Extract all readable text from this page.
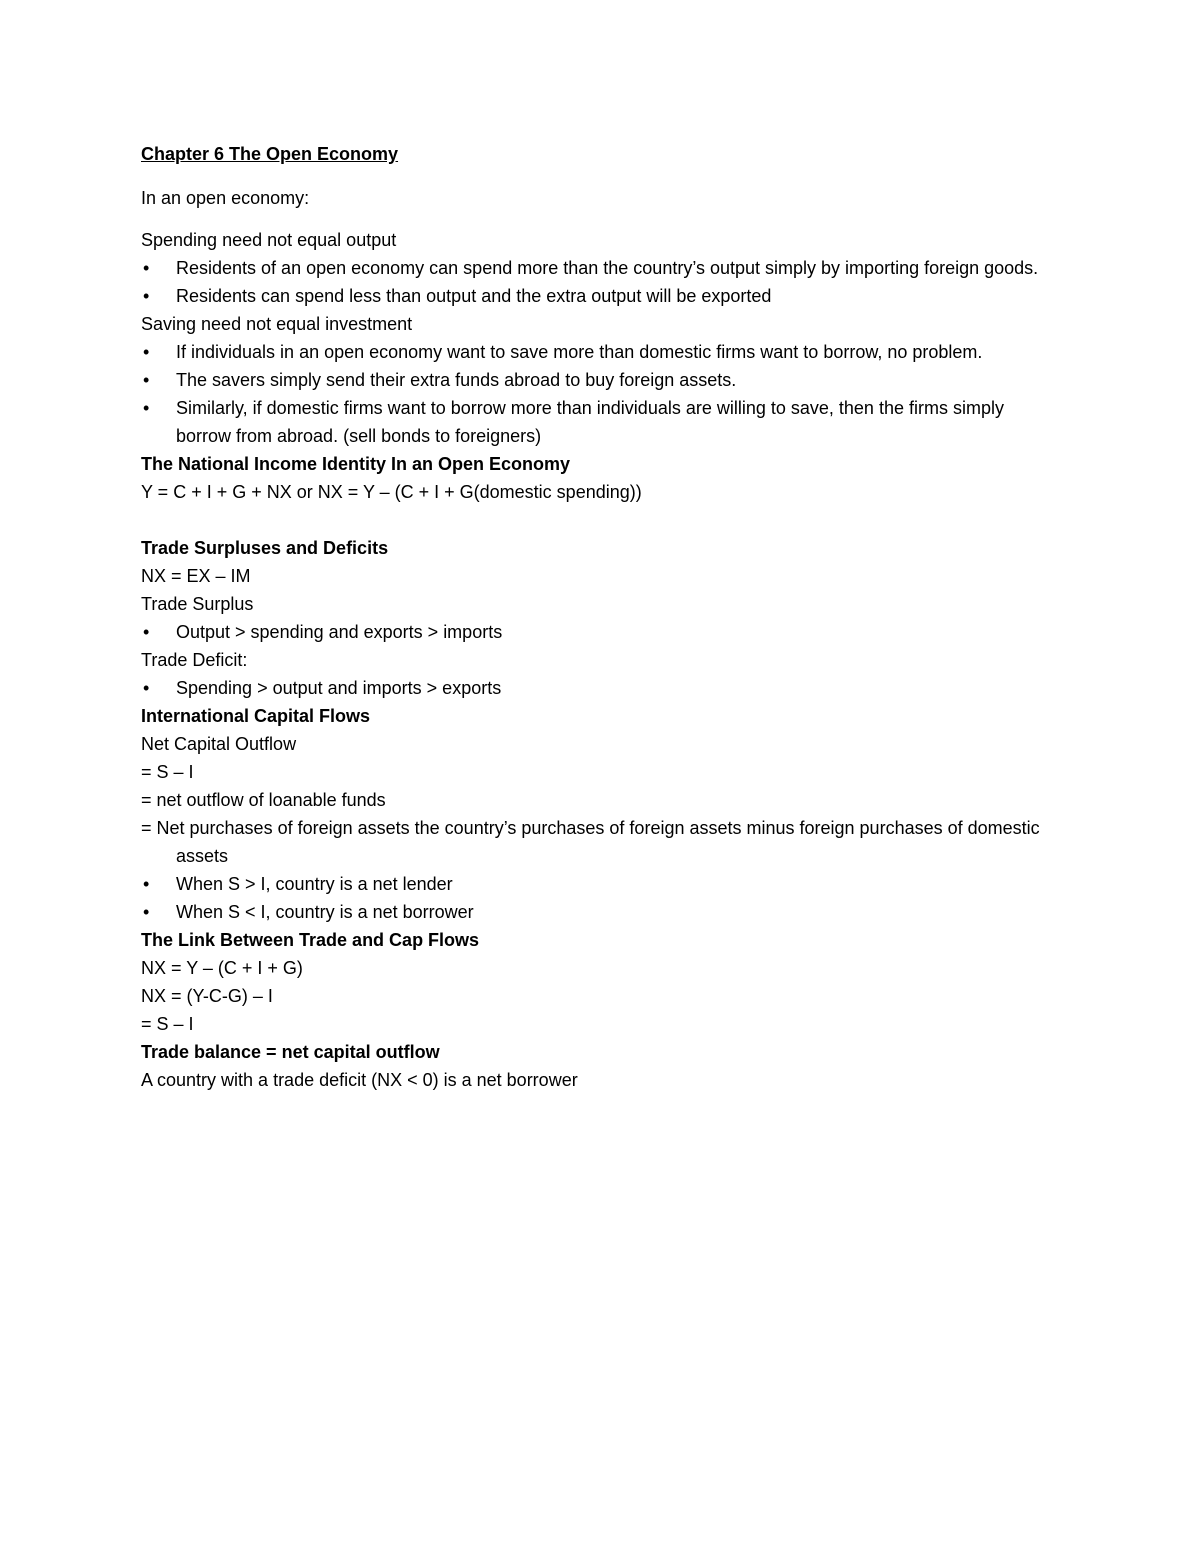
Chapter 6 The Open Economy

In an open economy:

Spending need not equal output

• Residents of an open economy can spend more than the country’s output simply by importing foreign goods.
• Residents can spend less than output and the extra output will be exported

Saving need not equal investment

• If individuals in an open economy want to save more than domestic firms want to borrow, no problem.
• The savers simply send their extra funds abroad to buy foreign assets.
• Similarly, if domestic firms want to borrow more than individuals are willing to save, then the firms simply borrow from abroad. (sell bonds to foreigners)

The National Income Identity In an Open Economy

Y = C + I + G + NX or NX = Y – (C + I + G(domestic spending))

Trade Surpluses and Deficits

NX = EX – IM

Trade Surplus

• Output > spending and exports > imports

Trade Deficit:

• Spending > output and imports > exports

International Capital Flows

Net Capital Outflow

= S – I

= net outflow of loanable funds

= Net purchases of foreign assets the country’s purchases of foreign assets minus foreign purchases of domestic assets

• When S > I, country is a net lender
• When S < I, country is a net borrower

The Link Between Trade and Cap Flows

NX = Y – (C + I + G)

NX = (Y-C-G) – I

= S – I

Trade balance = net capital outflow

A country with a trade deficit (NX < 0) is a net borrower
